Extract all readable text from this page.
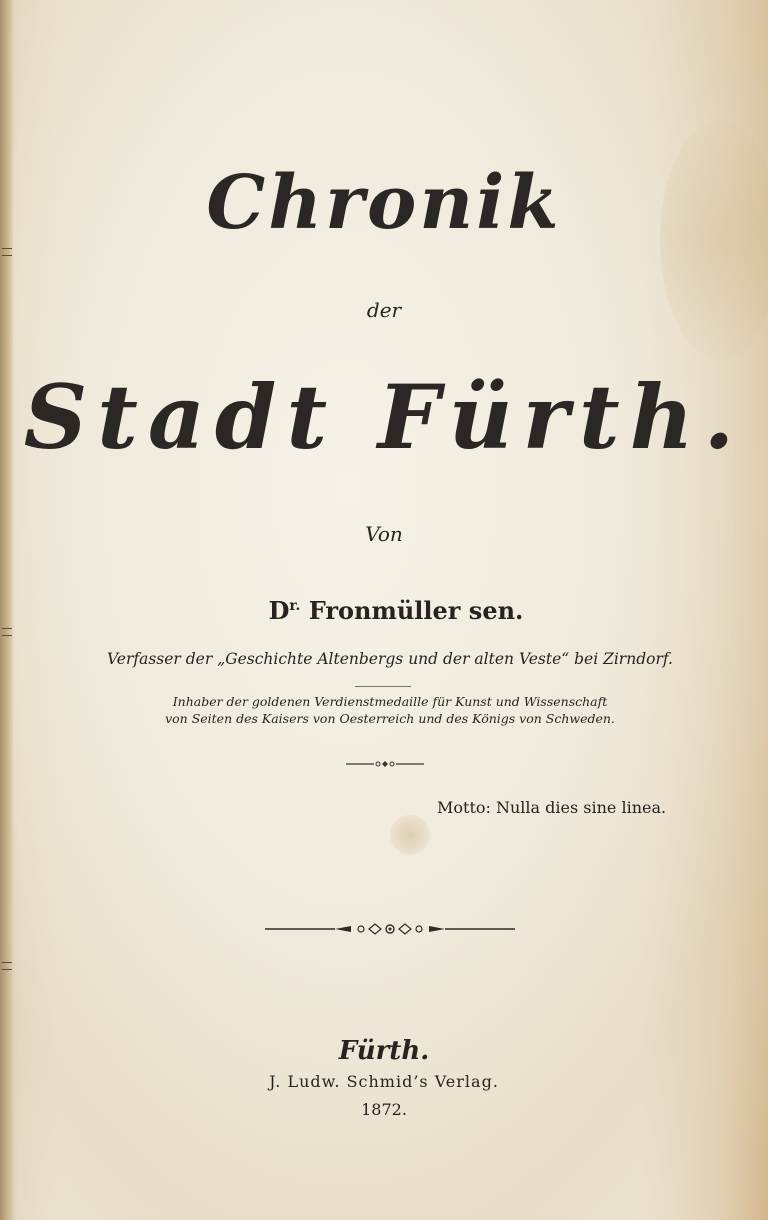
Chronik
der
Stadt Fürth.
Von
$D^{r.}$ Fronmüller sen.
Verfasser der „Geschichte Altenbergs und der alten Veste“ bei Zirndorf.
Inhaber der goldenen Verdienstmedaille für Kunst und Wissenschaft
von Seiten des Kaisers von Oesterreich und des Königs von Schweden.
Motto: Nulla dies sine linea.
Fürth.
J. Ludw. Schmid’s Verlag.
1872.
